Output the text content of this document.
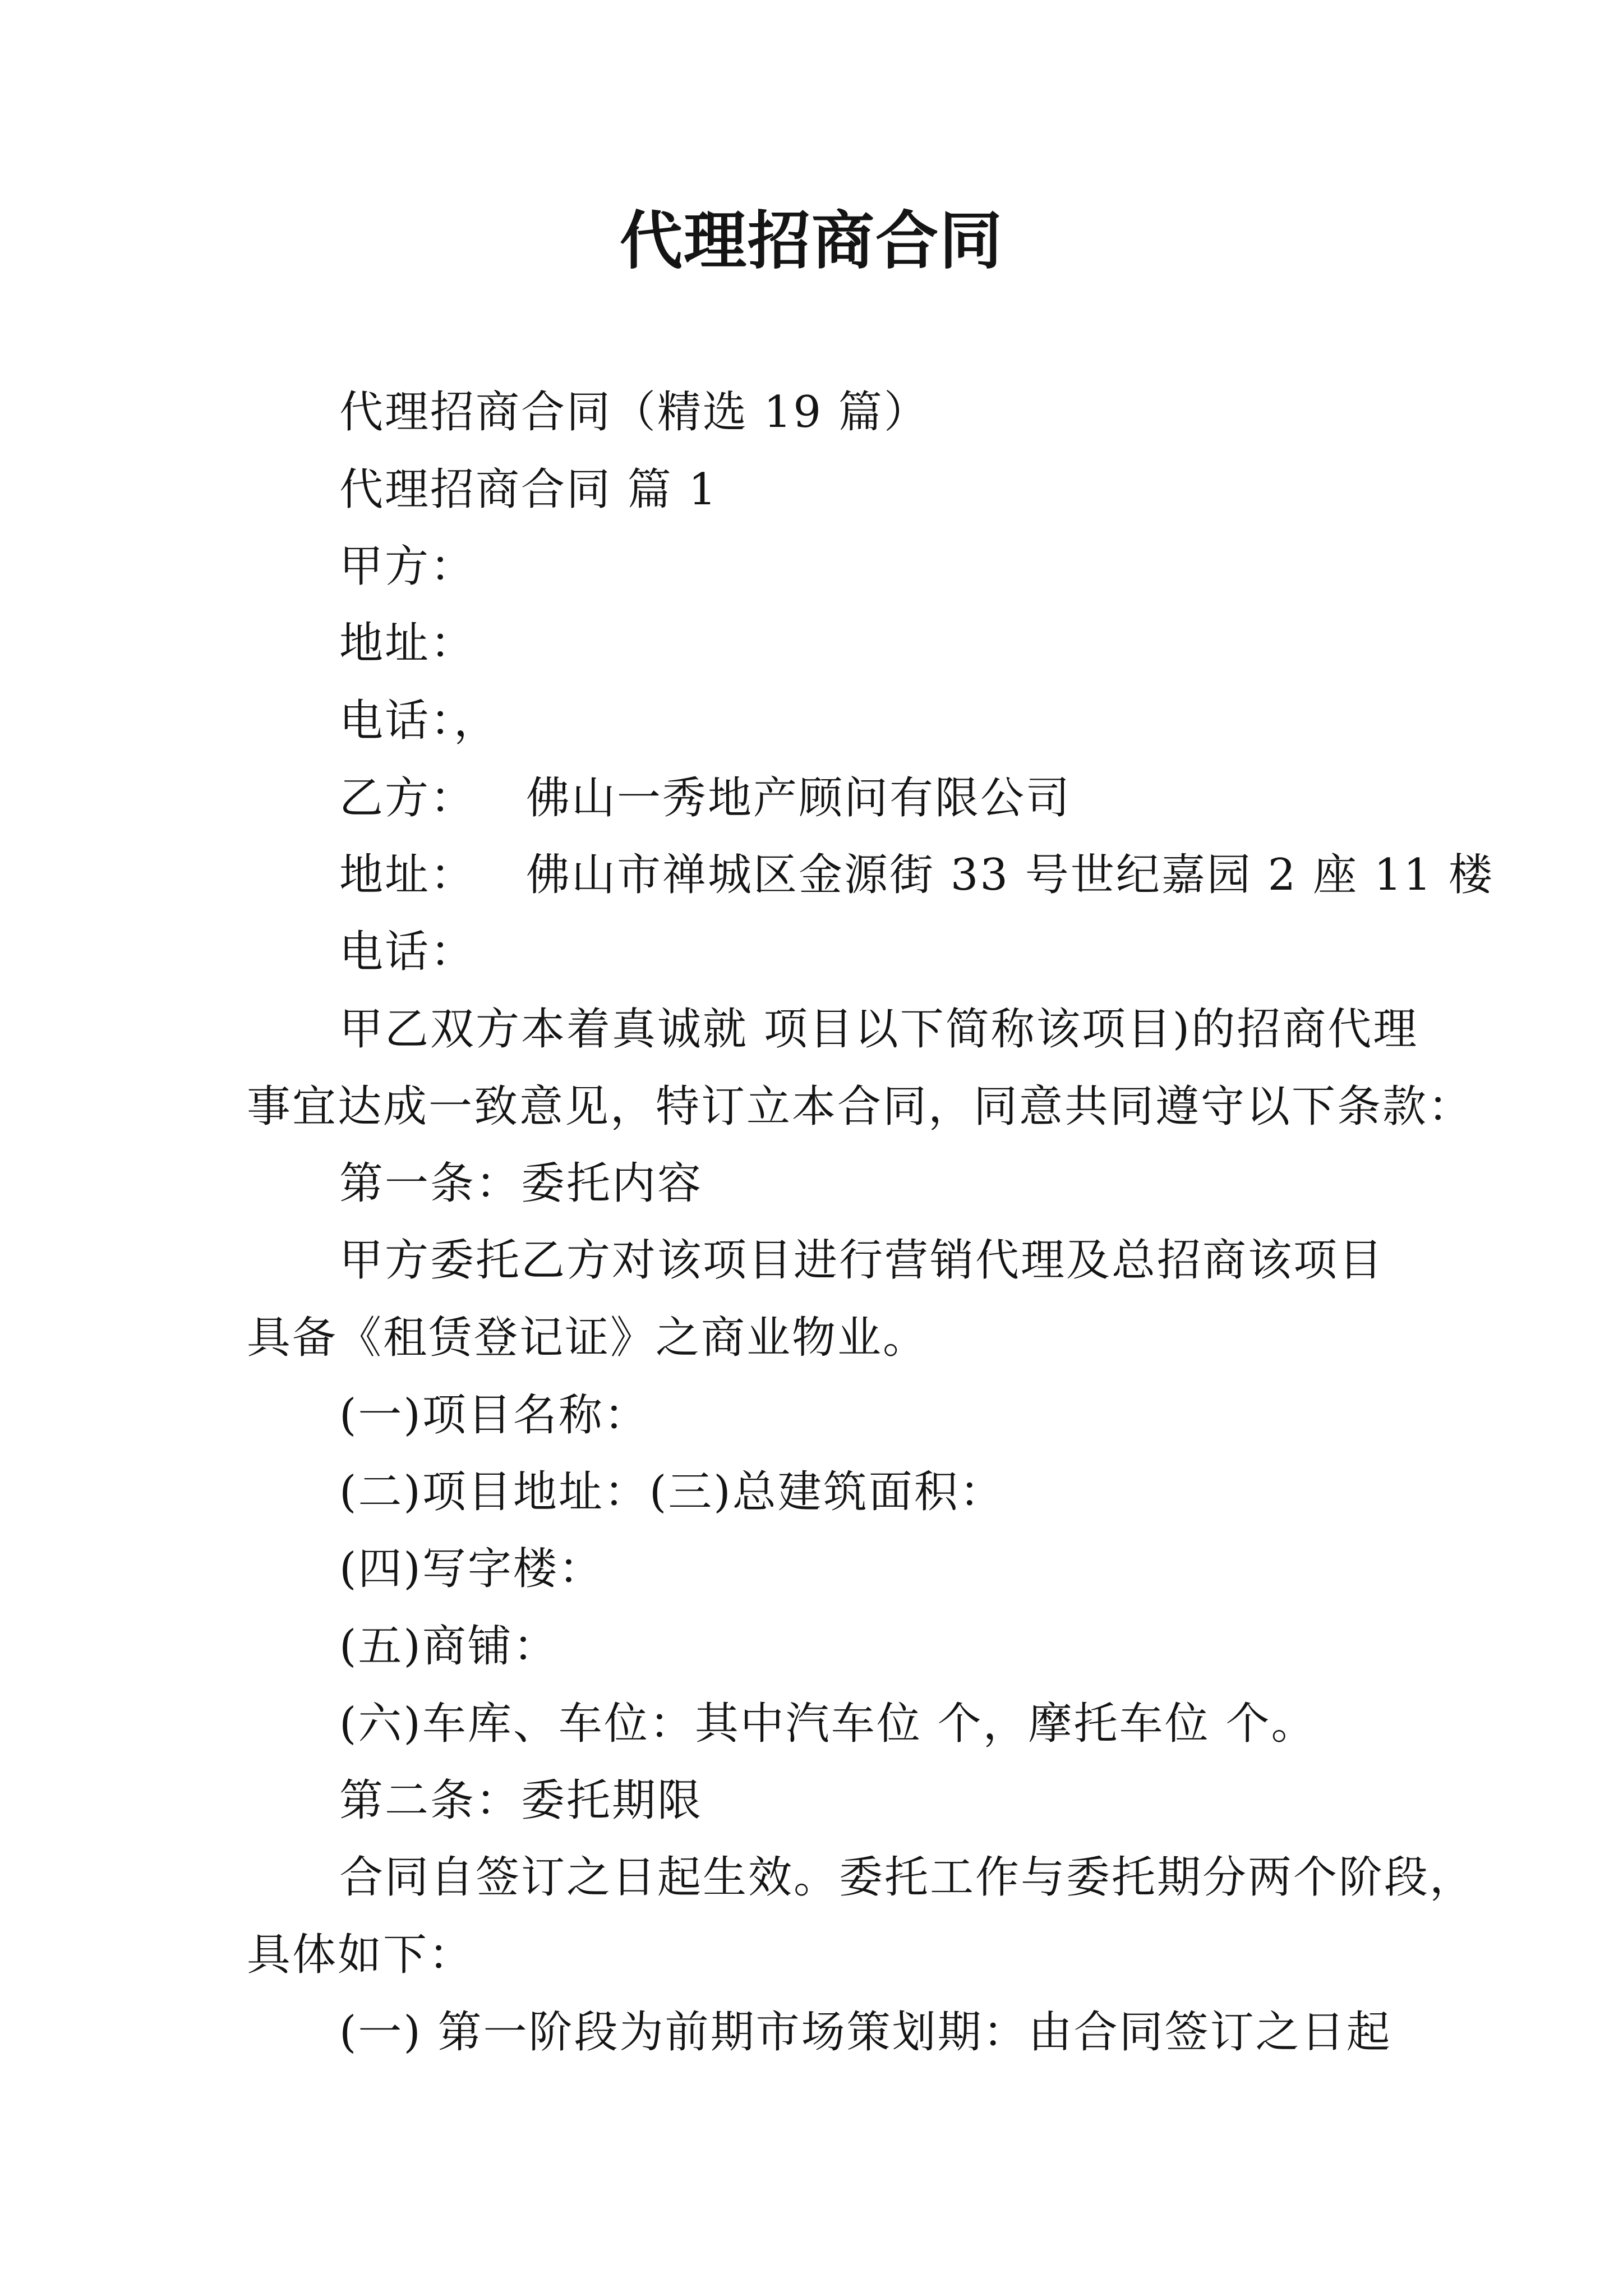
代理招商合同
代理招商合同（精选 19 篇）
代理招商合同 篇 1
甲方：
地址：
电话：，
乙方： 佛山一秀地产顾问有限公司
地址： 佛山市禅城区金源街 33 号世纪嘉园 2 座 11 楼
电话：
甲乙双方本着真诚就 项目以下简称该项目)的招商代理
事宜达成一致意见，特订立本合同，同意共同遵守以下条款：
第一条：委托内容
甲方委托乙方对该项目进行营销代理及总招商该项目
具备《租赁登记证》之商业物业。
(一)项目名称：
(二)项目地址：(三)总建筑面积：
(四)写字楼：
(五)商铺：
(六)车库、车位：其中汽车位 个，摩托车位 个。
第二条：委托期限
合同自签订之日起生效。委托工作与委托期分两个阶段，
具体如下：
(一) 第一阶段为前期市场策划期：由合同签订之日起
